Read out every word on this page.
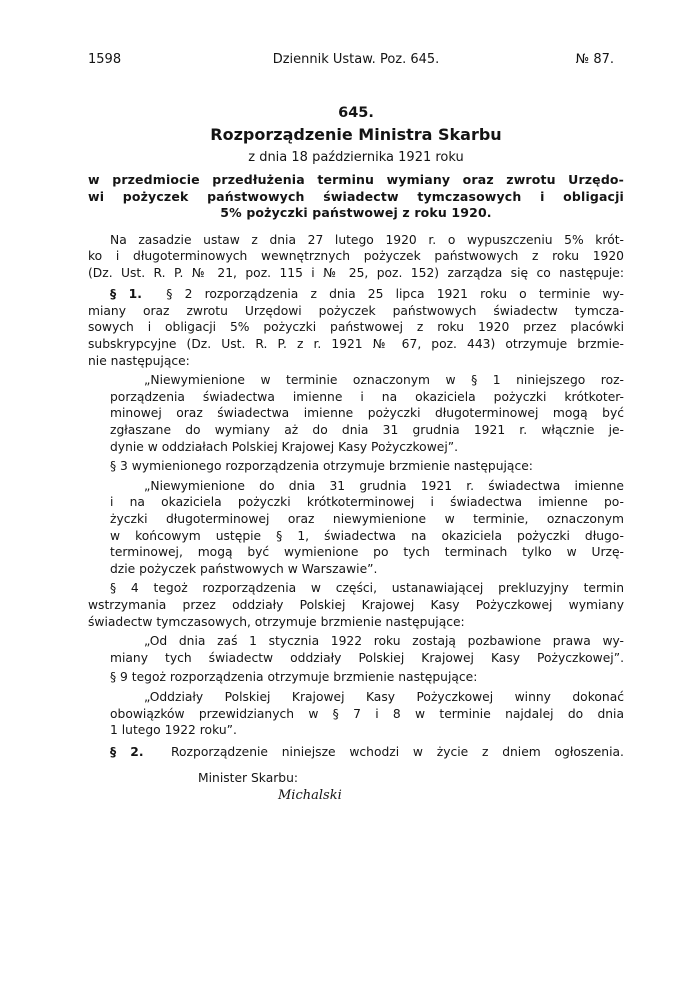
1598	Dziennik Ustaw. Poz. 645.	№ 87.
645.
Rozporządzenie Ministra Skarbu
z dnia 18 października 1921 roku
w przedmiocie przedłużenia terminu wymiany oraz zwrotu Urzędo-
wi pożyczek państwowych świadectw tymczasowych i obligacji
5% pożyczki państwowej z roku 1920.
Na zasadzie ustaw z dnia 27 lutego 1920 r. o wypuszczeniu 5% krót-
ko i długoterminowych wewnętrznych pożyczek państwowych z roku 1920
(Dz. Ust. R. P. № 21, poz. 115 i № 25, poz. 152) zarządza się co następuje:
§ 1. § 2 rozporządzenia z dnia 25 lipca 1921 roku o terminie wy-
miany oraz zwrotu Urzędowi pożyczek państwowych świadectw tymcza-
sowych i obligacji 5% pożyczki państwowej z roku 1920 przez placówki
subskrypcyjne (Dz. Ust. R. P. z r. 1921 № 67, poz. 443) otrzymuje brzmie-
nie następujące:
„Niewymienione w terminie oznaczonym w § 1 niniejszego roz-
porządzenia świadectwa imienne i na okaziciela pożyczki krótkoter-
minowej oraz świadectwa imienne pożyczki długoterminowej mogą być
zgłaszane do wymiany aż do dnia 31 grudnia 1921 r. włącznie je-
dynie w oddziałach Polskiej Krajowej Kasy Pożyczkowej”.
§ 3 wymienionego rozporządzenia otrzymuje brzmienie następujące:
„Niewymienione do dnia 31 grudnia 1921 r. świadectwa imienne
i na okaziciela pożyczki krótkoterminowej i świadectwa imienne po-
życzki długoterminowej oraz niewymienione w terminie, oznaczonym
w końcowym ustępie § 1, świadectwa na okaziciela pożyczki długo-
terminowej, mogą być wymienione po tych terminach tylko w Urzę-
dzie pożyczek państwowych w Warszawie”.
§ 4 tegoż rozporządzenia w części, ustanawiającej prekluzyjny termin
wstrzymania przez oddziały Polskiej Krajowej Kasy Pożyczkowej wymiany
świadectw tymczasowych, otrzymuje brzmienie następujące:
„Od dnia zaś 1 stycznia 1922 roku zostają pozbawione prawa wy-
miany tych świadectw oddziały Polskiej Krajowej Kasy Pożyczkowej”.
§ 9 tegoż rozporządzenia otrzymuje brzmienie następujące:
„Oddziały Polskiej Krajowej Kasy Pożyczkowej winny dokonać
obowiązków przewidzianych w § 7 i 8 w terminie najdalej do dnia
1 lutego 1922 roku”.
§ 2. Rozporządzenie niniejsze wchodzi w życie z dniem ogłoszenia.
Minister Skarbu:
Michalski
